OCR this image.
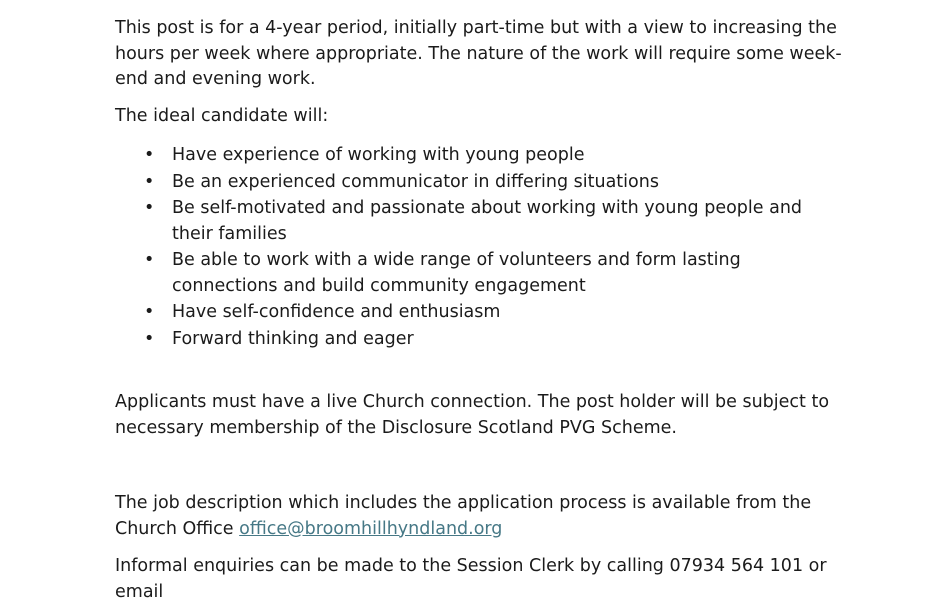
This post is for a 4-year period, initially part-time but with a view to increasing the hours per week where appropriate. The nature of the work will require some week-end and evening work.

The ideal candidate will:

• Have experience of working with young people
• Be an experienced communicator in differing situations
• Be self-motivated and passionate about working with young people and their families
• Be able to work with a wide range of volunteers and form lasting connections and build community engagement
• Have self-confidence and enthusiasm
• Forward thinking and eager

Applicants must have a live Church connection. The post holder will be subject to necessary membership of the Disclosure Scotland PVG Scheme.

The job description which includes the application process is available from the Church Office office@broomhillhyndland.org

Informal enquiries can be made to the Session Clerk by calling 07934 564 101 or email
